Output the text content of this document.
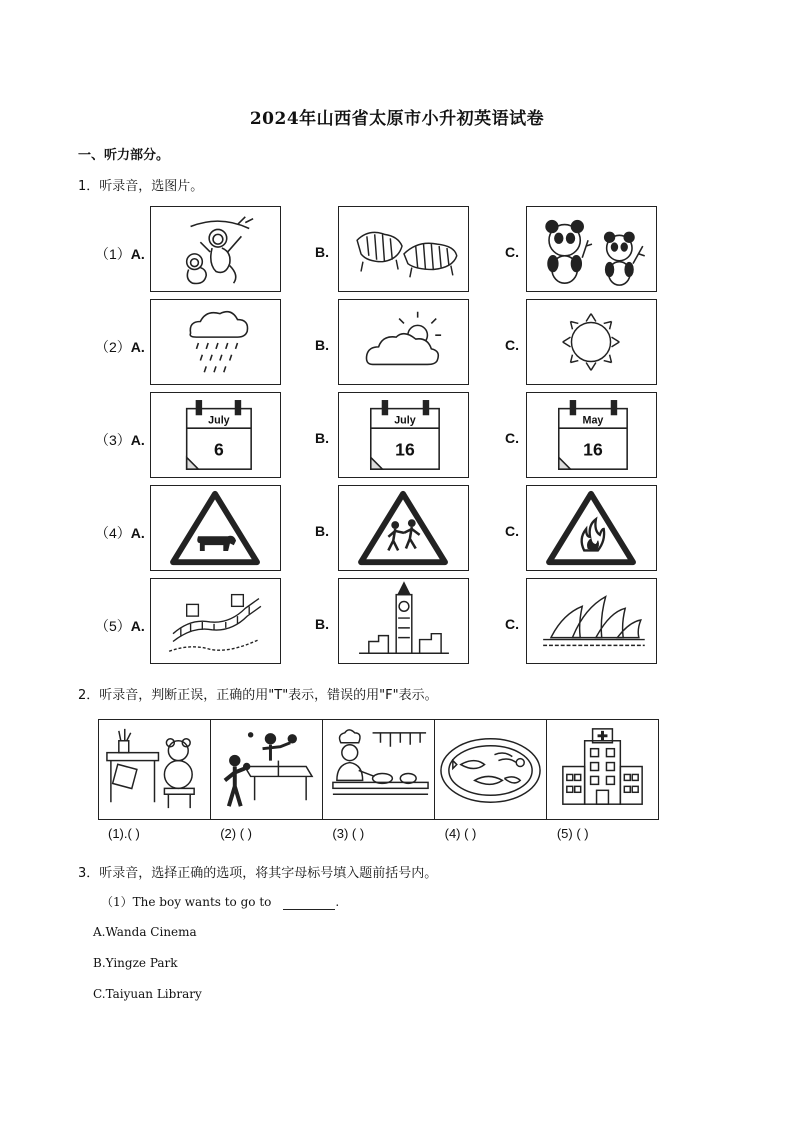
2024年山西省太原市小升初英语试卷
一、听力部分。
1．听录音，选图片。
（1）A.	B.	C.
（2）A.	B.	C.
（3）A.
July
6
B.
July
16
C.
May
16
（4）A.	B.	C.
（5）A.	B.	C.
2．听录音，判断正误，正确的用"T"表示，错误的用"F"表示。
(1).( )	(2) ( )	(3) ( )	(4) ( )	(5) ( )
3．听录音，选择正确的选项，将其字母标号填入题前括号内。
（1）The boy wants to go to	.
A.Wanda Cinema
B.Yingze Park
C.Taiyuan Library
